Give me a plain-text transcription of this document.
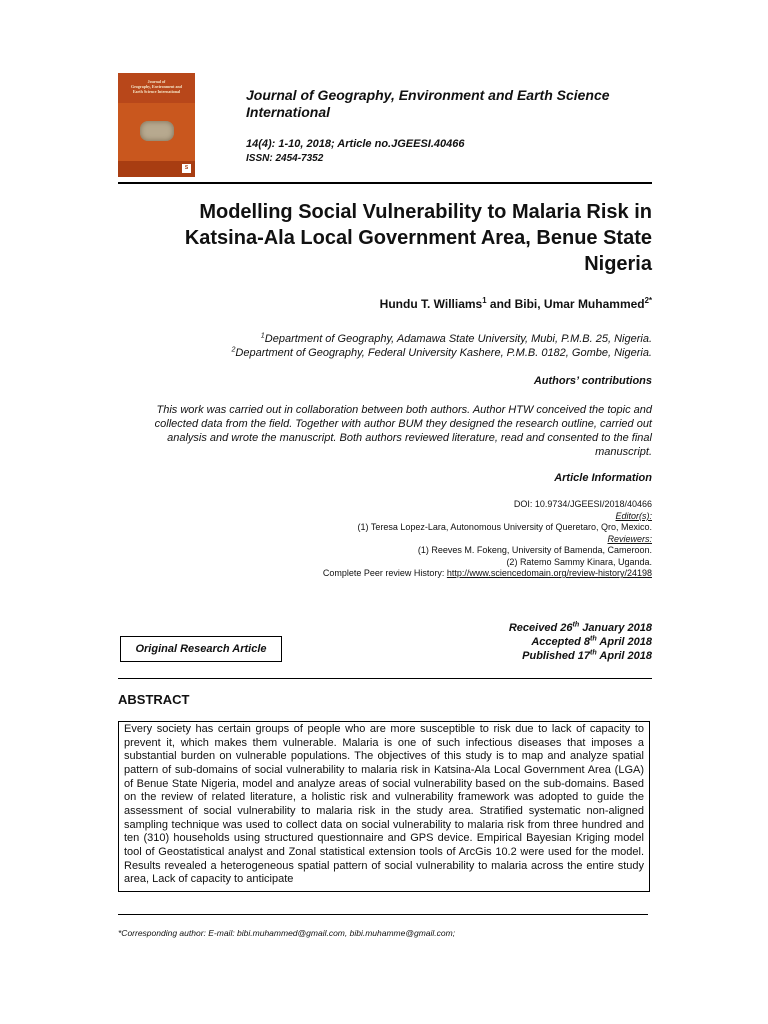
Journal of
Geography, Environment and
Earth Science International
S
Journal of Geography, Environment and Earth Science International
14(4): 1-10, 2018; Article no.JGEESI.40466
ISSN: 2454-7352
Modelling Social Vulnerability to Malaria Risk in
Katsina-Ala Local Government Area, Benue State
Nigeria
Hundu T. Williams$^1$ and Bibi, Umar Muhammed$^{2*}$
$^1$Department of Geography, Adamawa State University, Mubi, P.M.B. 25, Nigeria.
$^2$Department of Geography, Federal University Kashere, P.M.B. 0182, Gombe, Nigeria.
Authors’ contributions
This work was carried out in collaboration between both authors. Author HTW conceived the topic and collected data from the field. Together with author BUM they designed the research outline, carried out analysis and wrote the manuscript. Both authors reviewed literature, read and consented to the final manuscript.
Article Information
DOI: 10.9734/JGEESI/2018/40466
Editor(s):
(1) Teresa Lopez-Lara, Autonomous University of Queretaro, Qro, Mexico.
Reviewers:
(1) Reeves M. Fokeng, University of Bamenda, Cameroon.
(2) Ratemo Sammy Kinara, Uganda.
Complete Peer review History: http://www.sciencedomain.org/review-history/24198
Original Research Article
Received 26th January 2018
Accepted 8th April 2018
Published 17th April 2018
ABSTRACT

Every society has certain groups of people who are more susceptible to risk due to lack of capacity to prevent it, which makes them vulnerable. Malaria is one of such infectious diseases that imposes a substantial burden on vulnerable populations. The objectives of this study is to map and analyze spatial pattern of sub-domains of social vulnerability to malaria risk in Katsina-Ala Local Government Area (LGA) of Benue State Nigeria, model and analyze areas of social vulnerability based on the sub-domains. Based on the review of related literature, a holistic risk and vulnerability framework was adopted to guide the assessment of social vulnerability to malaria risk in the study area. Stratified systematic non-aligned sampling technique was used to collect data on social vulnerability to malaria risk from three hundred and ten (310) households using structured questionnaire and GPS device. Empirical Bayesian Kriging model tool of Geostatistical analyst and Zonal statistical extension tools of ArcGis 10.2 were used for the model. Results revealed a heterogeneous spatial pattern of social vulnerability to malaria across the entire study area, Lack of capacity to anticipate

*Corresponding author: E-mail: bibi.muhammed@gmail.com, bibi.muhamme@gmail.com;
